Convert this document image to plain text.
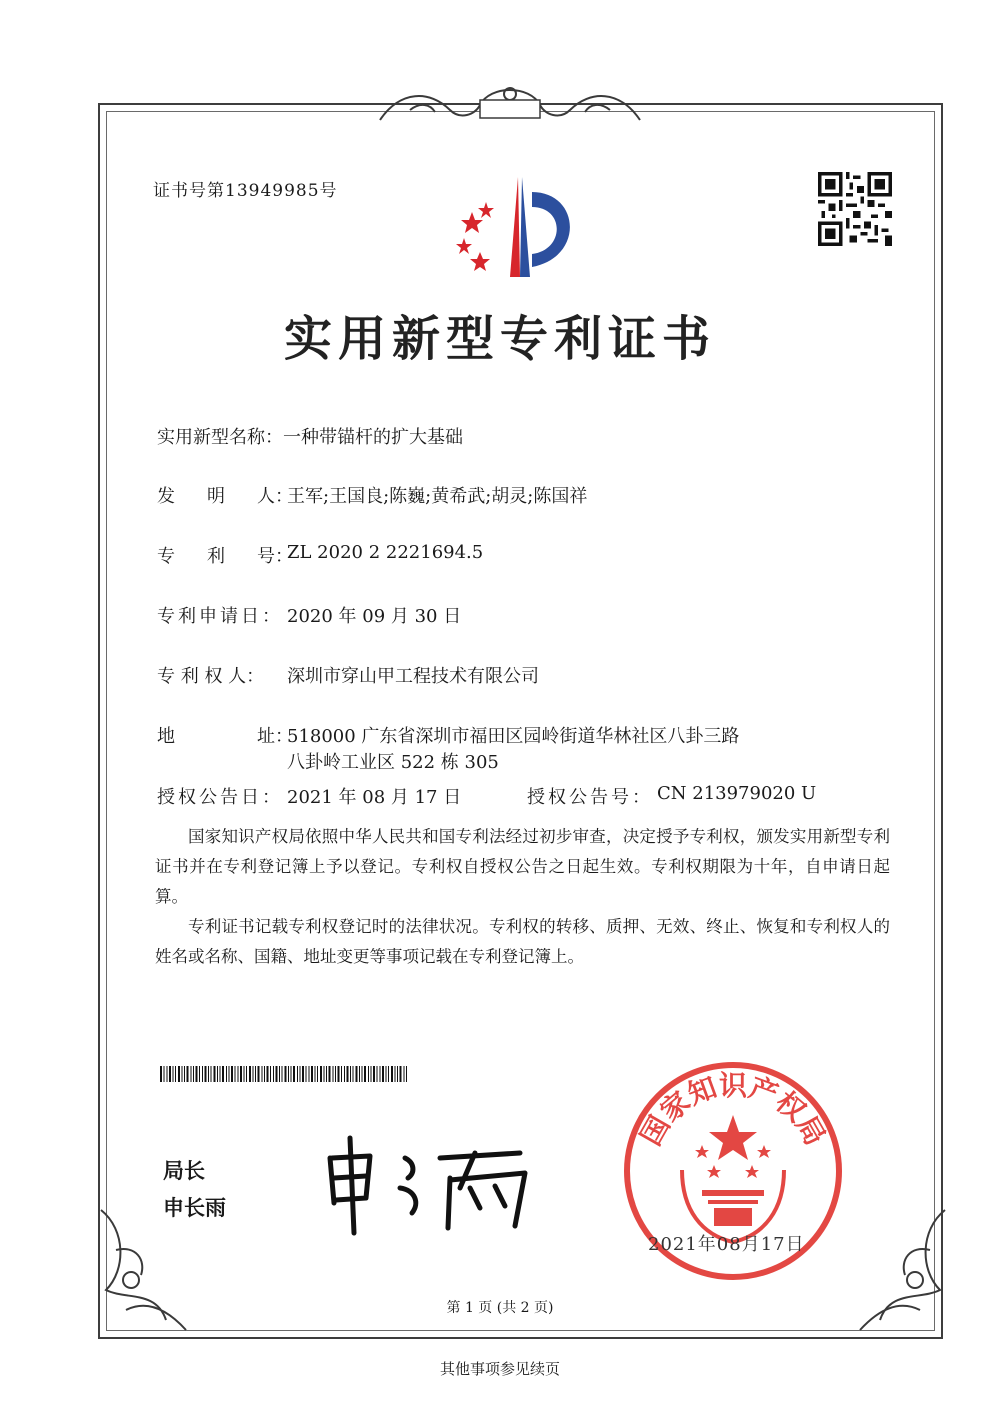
证书号第13949985号
实用新型专利证书
实用新型名称：一种带锚杆的扩大基础
发 明 人：
王军;王国良;陈巍;黄希武;胡灵;陈国祥
专 利 号：
ZL 2020 2 2221694.5
专利申请日： 2020 年 09 月 30 日
专 利 权 人： 深圳市穿山甲工程技术有限公司
地	址：
518000 广东省深圳市福田区园岭街道华林社区八卦三路
八卦岭工业区 522 栋 305
授权公告日： 2021 年 08 月 17 日	授权公告号： CN 213979020 U
国家知识产权局依照中华人民共和国专利法经过初步审查，决定授予专利权，颁发实用新型专利证书并在专利登记簿上予以登记。专利权自授权公告之日起生效。专利权期限为十年，自申请日起算。
专利证书记载专利权登记时的法律状况。专利权的转移、质押、无效、终止、恢复和专利权人的姓名或名称、国籍、地址变更等事项记载在专利登记簿上。
局长
申长雨
国家知识产权局
2021年08月17日
第 1 页 (共 2 页)
其他事项参见续页
